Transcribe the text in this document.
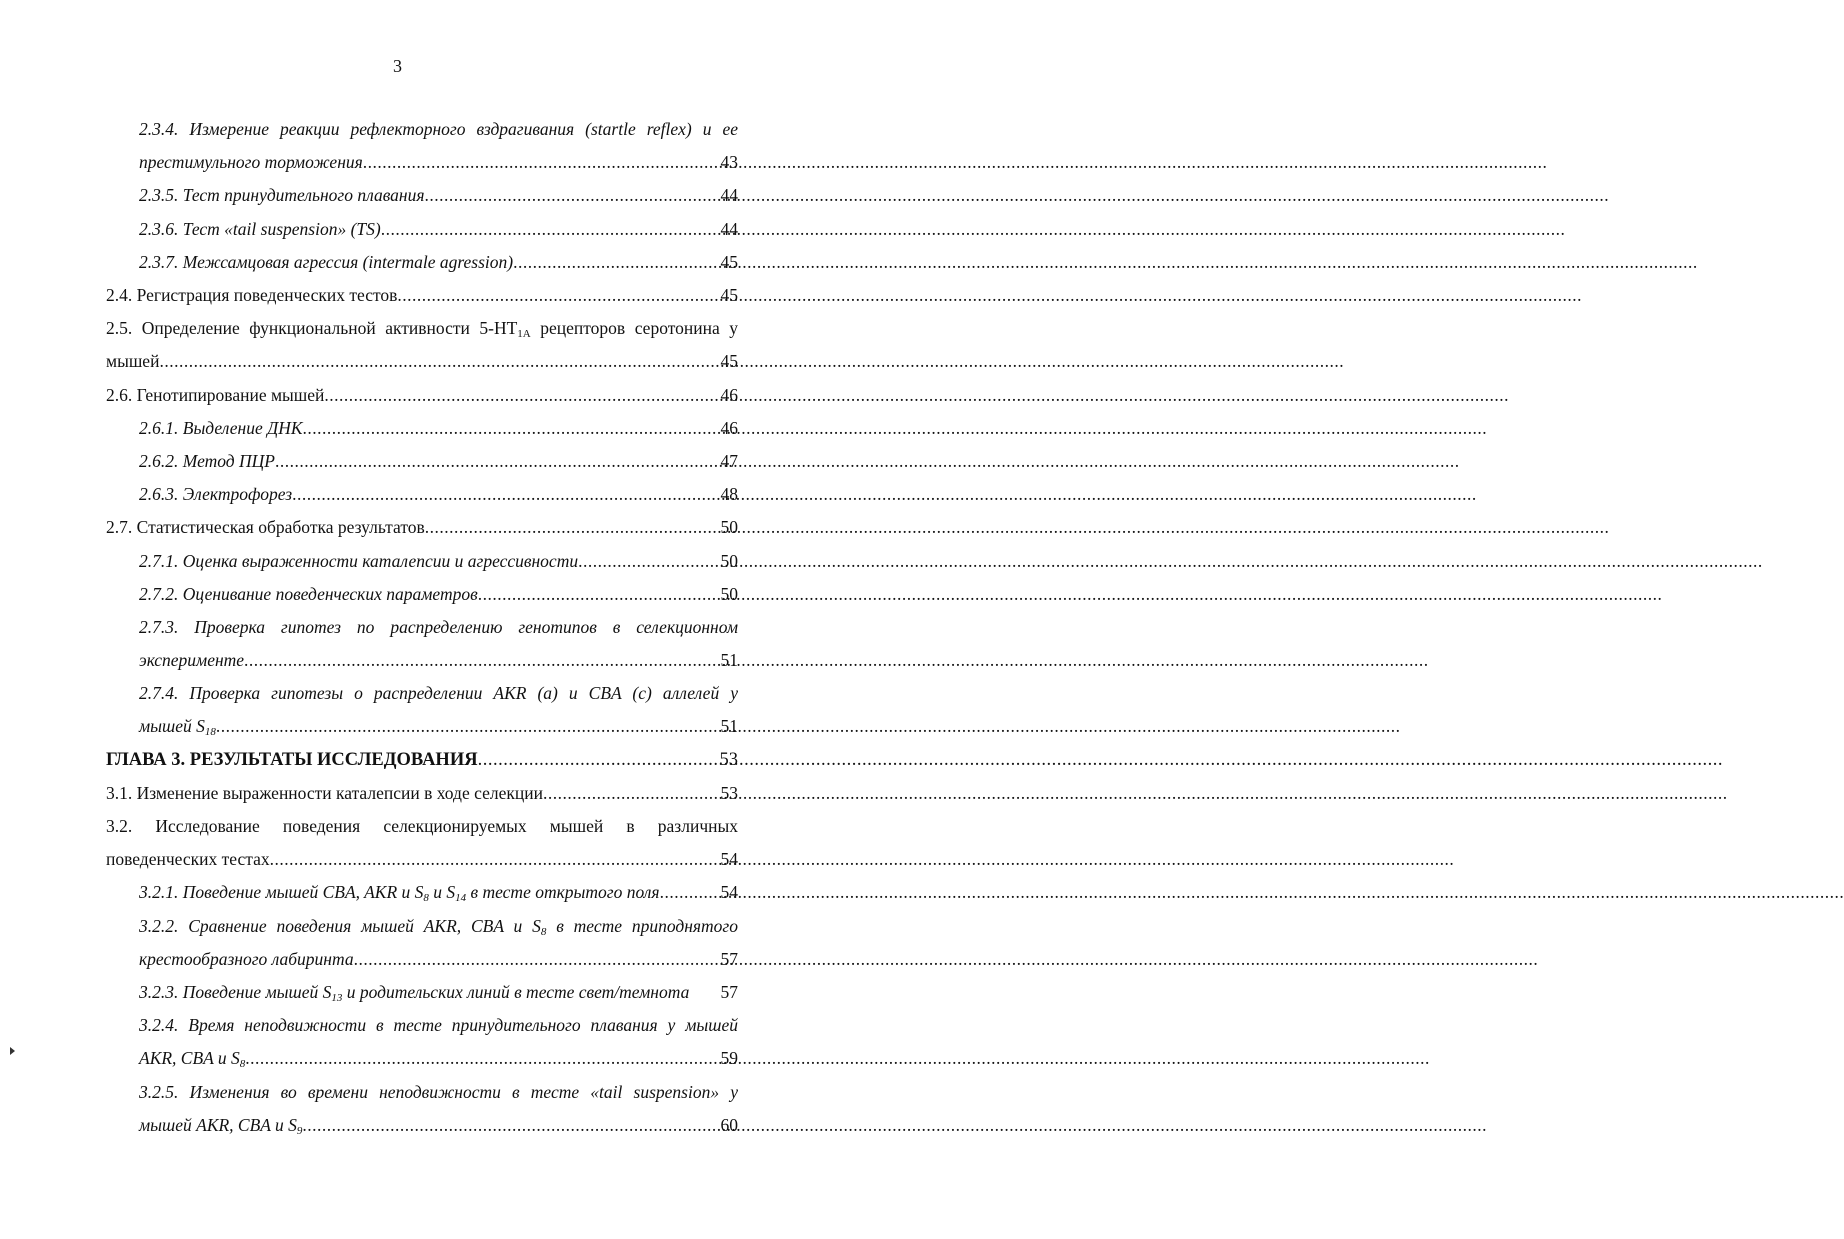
3
2.3.4. Измерение реакции рефлекторного вздрагивания (startle reflex) и ее
престимульного торможения .....	43
2.3.5. Тест принудительного плавания .....	44
2.3.6. Тест «tail suspension» (TS) .....	44
2.3.7. Межсамцовая агрессия (intermale agression) .....	45
2.4. Регистрация поведенческих тестов .....	45
2.5. Определение функциональной активности $5-HT_{1A}$ рецепторов серотонина у
мышей .....	45
2.6. Генотипирование мышей .....	46
2.6.1. Выделение ДНК .....	46
2.6.2. Метод ПЦР .....	47
2.6.3. Электрофорез .....	48
2.7. Статистическая обработка результатов .....	50
2.7.1. Оценка выраженности каталепсии и агрессивности .....	50
2.7.2. Оценивание поведенческих параметров .....	50
2.7.3. Проверка гипотез по распределению генотипов в селекционном
эксперименте .....	51
2.7.4. Проверка гипотезы о распределении AKR (a) и CBA (c) аллелей у
мышей $S_{18}$ .....	51
ГЛАВА 3. РЕЗУЛЬТАТЫ ИССЛЕДОВАНИЯ .....	53
3.1. Изменение выраженности каталепсии в ходе селекции .....	53
3.2. Исследование поведения селекционируемых мышей в различных
поведенческих тестах .....	54
3.2.1. Поведение мышей CBA, AKR и $S_8$ и $S_{14}$ в тесте открытого поля .....	54
3.2.2. Сравнение поведения мышей AKR, CBA и $S_8$ в тесте приподнятого
крестообразного лабиринта .....	57
3.2.3. Поведение мышей $S_{13}$ и родительских линий в тесте свет/темнота 57
3.2.4. Время неподвижности в тесте принудительного плавания у мышей
AKR, CBA и $S_8$ .....	59
3.2.5. Изменения во времени неподвижности в тесте «tail suspension» у
мышей AKR, CBA и $S_9$ .....	60
